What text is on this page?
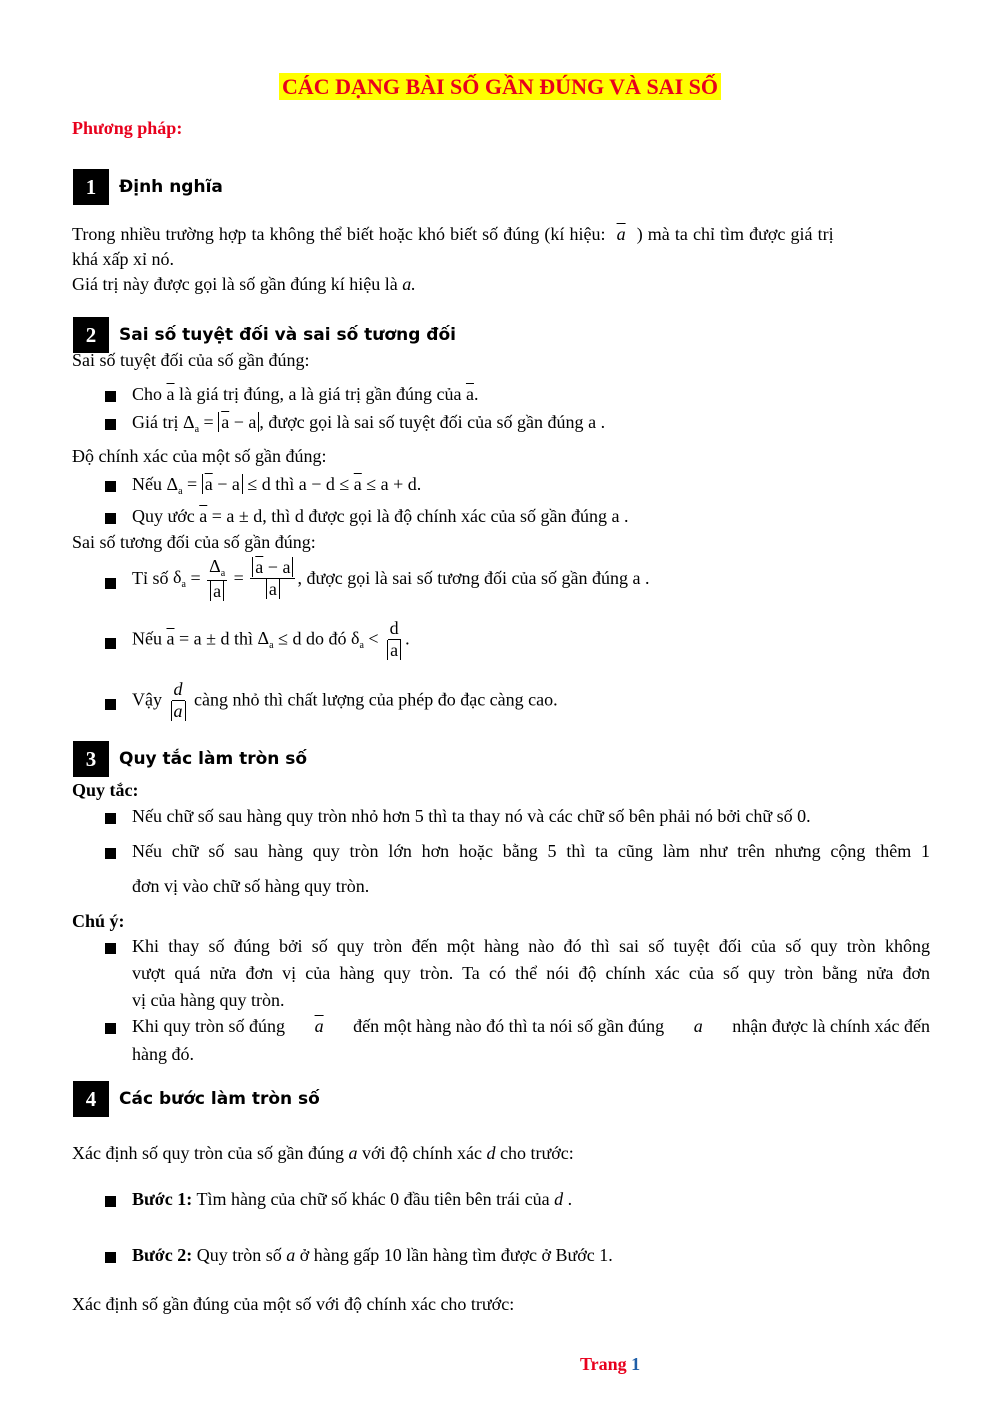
CÁC DẠNG BÀI SỐ GẦN ĐÚNG VÀ SAI SỐ
Phương pháp:
1	Định nghĩa
Trong nhiều trường hợp ta không thể biết hoặc khó biết số đúng (kí hiệu: $\overline{a}$ ) mà ta chỉ tìm được giá trị
khá xấp xỉ nó.
Giá trị này được gọi là số gần đúng kí hiệu là a.
2	Sai số tuyệt đối và sai số tương đối
Sai số tuyệt đối của số gần đúng:
Cho $\overline{a}$ là giá trị đúng, a là giá trị gần đúng của $\overline{a}$.
Giá trị $\Delta_a = \overline{a} - a$ , được gọi là sai số tuyệt đối của số gần đúng a .
Độ chính xác của một số gần đúng:
Nếu $\Delta_a = \overline{a} - a \le d$ thì $a - d \le \overline{a} \le a + d$.
Quy ước $\overline{a} = a \pm d$, thì d được gọi là độ chính xác của số gần đúng a .
Sai số tương đối của số gần đúng:
Tỉ số $\delta_a = \frac{\Delta_a}{a} = \frac{\overline{a} - a}{a}$ , được gọi là sai số tương đối của số gần đúng a .
Nếu $\overline{a} = a \pm d$ thì $\Delta_a \le d$ do đó $\delta_a < \frac{d}{a}$ .
Vậy $\frac{d}{a}$ càng nhỏ thì chất lượng của phép đo đạc càng cao.
3	Quy tắc làm tròn số
Quy tắc:
Nếu chữ số sau hàng quy tròn nhỏ hơn 5 thì ta thay nó và các chữ số bên phải nó bởi chữ số 0.
Nếu chữ số sau hàng quy tròn lớn hơn hoặc bằng 5 thì ta cũng làm như trên nhưng cộng thêm 1
đơn vị vào chữ số hàng quy tròn.
Chú ý:
Khi thay số đúng bởi số quy tròn đến một hàng nào đó thì sai số tuyệt đối của số quy tròn không
vượt quá nửa đơn vị của hàng quy tròn. Ta có thể nói độ chính xác của số quy tròn bằng nửa đơn
vị của hàng quy tròn.
Khi quy tròn số đúng $\overline{a}$ đến một hàng nào đó thì ta nói số gần đúng a nhận được là chính xác đến
hàng đó.
4	Các bước làm tròn số
Xác định số quy tròn của số gần đúng a với độ chính xác d cho trước:
Bước 1: Tìm hàng của chữ số khác 0 đầu tiên bên trái của d .
Bước 2: Quy tròn số a ở hàng gấp 10 lần hàng tìm được ở Bước 1.
Xác định số gần đúng của một số với độ chính xác cho trước:
Trang 1
